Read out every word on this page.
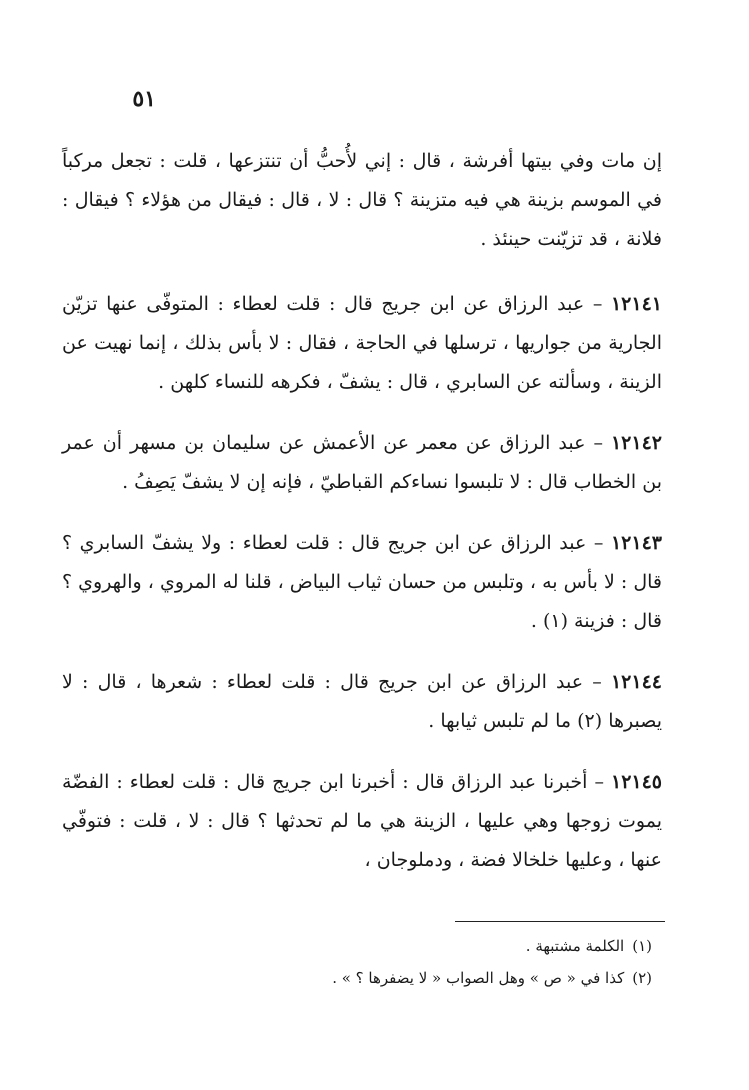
٥١

إن مات وفي بيتها أفرشة ، قال : إني لأُحبُّ أن تنتزعها ، قلت : تجعل مركباً في الموسم بزينة هي فيه متزينة ؟ قال : لا ، قال : فيقال من هؤلاء ؟ فيقال : فلانة ، قد تزيّنت حينئذ .

١٢١٤١ – عبد الرزاق عن ابن جريج قال : قلت لعطاء : المتوفّى عنها تزيّن الجارية من جواريها ، ترسلها في الحاجة ، فقال : لا بأس بذلك ، إنما نهيت عن الزينة ، وسألته عن السابري ، قال : يشفّ ، فكرهه للنساء كلهن .

١٢١٤٢ – عبد الرزاق عن معمر عن الأعمش عن سليمان بن مسهر أن عمر بن الخطاب قال : لا تلبسوا نساءكم القباطيّ ، فإنه إن لا يشفّ يَصِفُ .

١٢١٤٣ – عبد الرزاق عن ابن جريج قال : قلت لعطاء : ولا يشفّ السابري ؟ قال : لا بأس به ، وتلبس من حسان ثياب البياض ، قلنا له المروي ، والهروي ؟ قال : فزينة (١) .

١٢١٤٤ – عبد الرزاق عن ابن جريج قال : قلت لعطاء : شعرها ، قال : لا يصبرها (٢) ما لم تلبس ثيابها .

١٢١٤٥ – أخبرنا عبد الرزاق قال : أخبرنا ابن جريج قال : قلت لعطاء : الفضّة يموت زوجها وهي عليها ، الزينة هي ما لم تحدثها ؟ قال : لا ، قلت : فتوفّي عنها ، وعليها خلخالا فضة ، ودملوجان ،

(١)الكلمة مشتبهة .
(٢)كذا في « ص » وهل الصواب « لا يضفرها ؟ » .
